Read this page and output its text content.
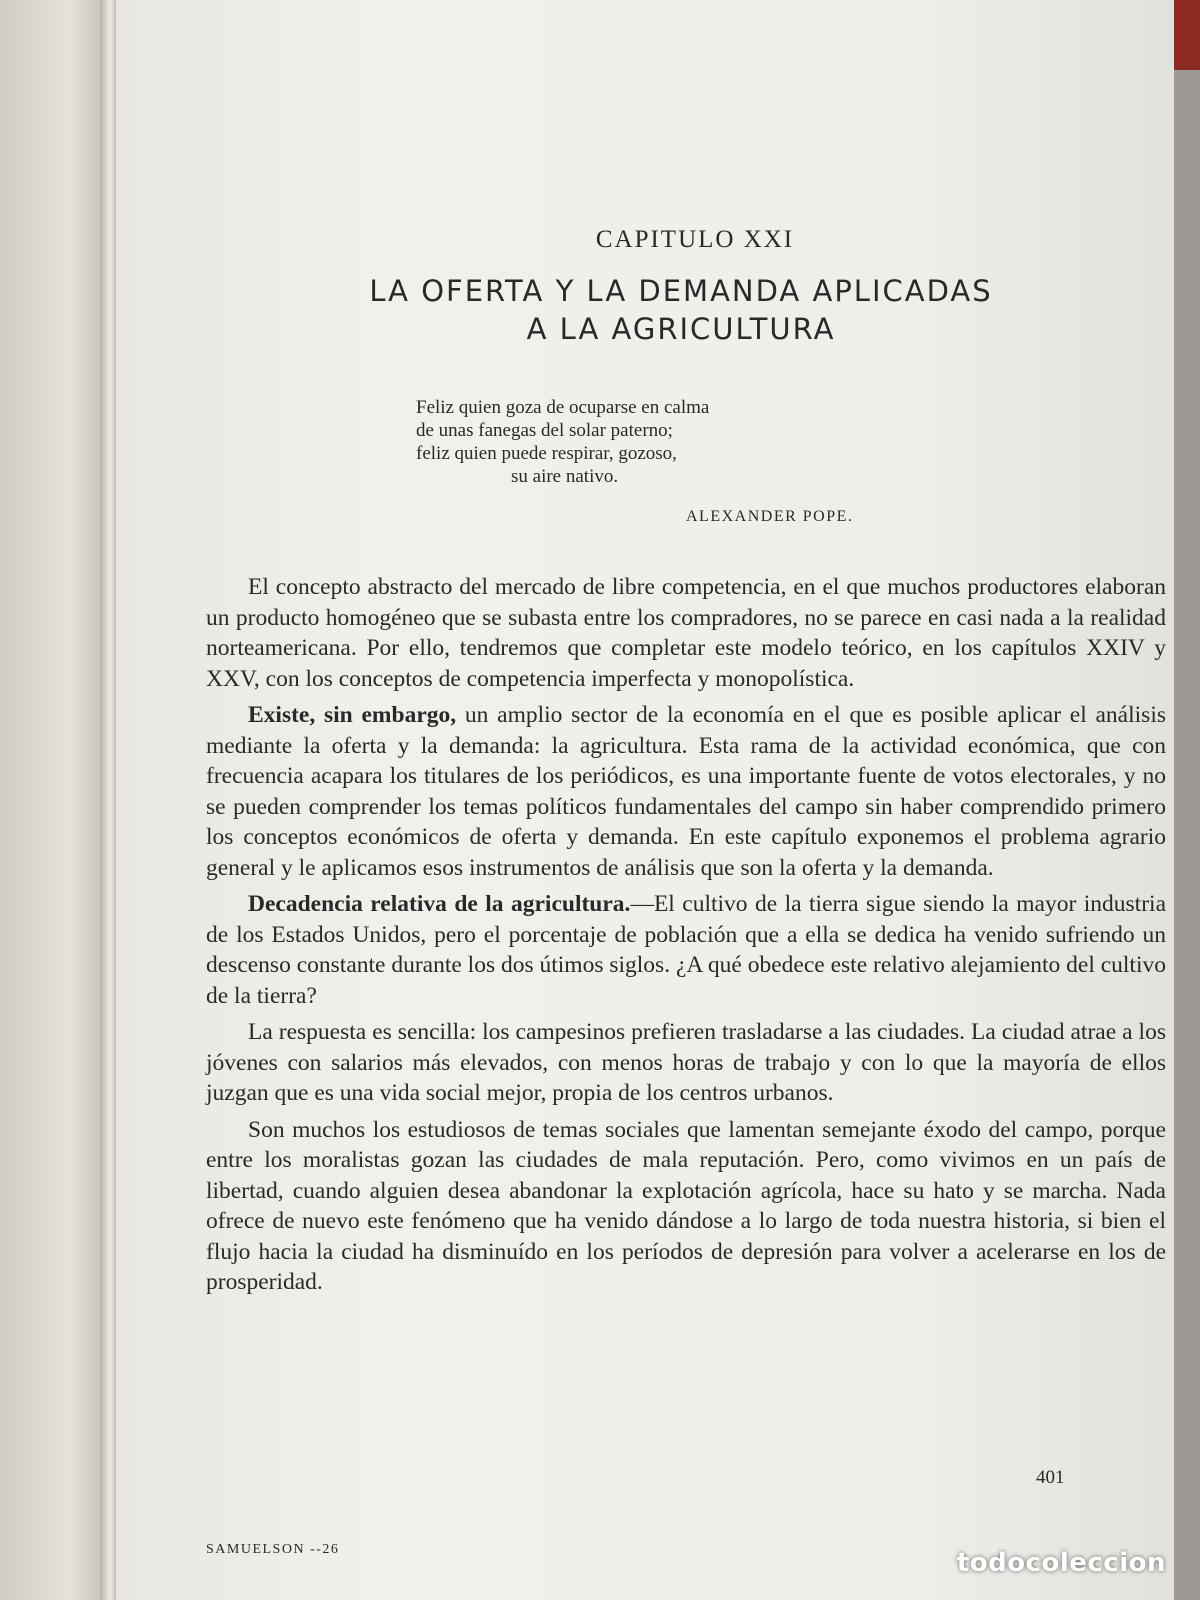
CAPITULO XXI
LA OFERTA Y LA DEMANDA APLICADAS
A LA AGRICULTURA
Feliz quien goza de ocuparse en calma
de unas fanegas del solar paterno;
feliz quien puede respirar, gozoso,
su aire nativo.
ALEXANDER POPE.

El concepto abstracto del mercado de libre competencia, en el que muchos productores elaboran un producto homogéneo que se subasta entre los compradores, no se parece en casi nada a la realidad norteamericana. Por ello, tendremos que completar este modelo teórico, en los capítulos XXIV y XXV, con los conceptos de competencia imperfecta y monopolística.

Existe, sin embargo, un amplio sector de la economía en el que es posible aplicar el análisis mediante la oferta y la demanda: la agricultura. Esta rama de la actividad económica, que con frecuencia acapara los titulares de los periódicos, es una importante fuente de votos electorales, y no se pueden comprender los temas políticos fundamentales del campo sin haber comprendido primero los conceptos económicos de oferta y demanda. En este capítulo exponemos el problema agrario general y le aplicamos esos instrumentos de análisis que son la oferta y la demanda.

Decadencia relativa de la agricultura.—El cultivo de la tierra sigue siendo la mayor industria de los Estados Unidos, pero el porcentaje de población que a ella se dedica ha venido sufriendo un descenso constante durante los dos útimos siglos. ¿A qué obedece este relativo alejamiento del cultivo de la tierra?

La respuesta es sencilla: los campesinos prefieren trasladarse a las ciudades. La ciudad atrae a los jóvenes con salarios más elevados, con menos horas de trabajo y con lo que la mayoría de ellos juzgan que es una vida social mejor, propia de los centros urbanos.

Son muchos los estudiosos de temas sociales que lamentan semejante éxodo del campo, porque entre los moralistas gozan las ciudades de mala reputación. Pero, como vivimos en un país de libertad, cuando alguien desea abandonar la explotación agrícola, hace su hato y se marcha. Nada ofrece de nuevo este fenómeno que ha venido dándose a lo largo de toda nuestra historia, si bien el flujo hacia la ciudad ha disminuído en los períodos de depresión para volver a acelerarse en los de prosperidad.

401
SAMUELSON --26	todocoleccion
